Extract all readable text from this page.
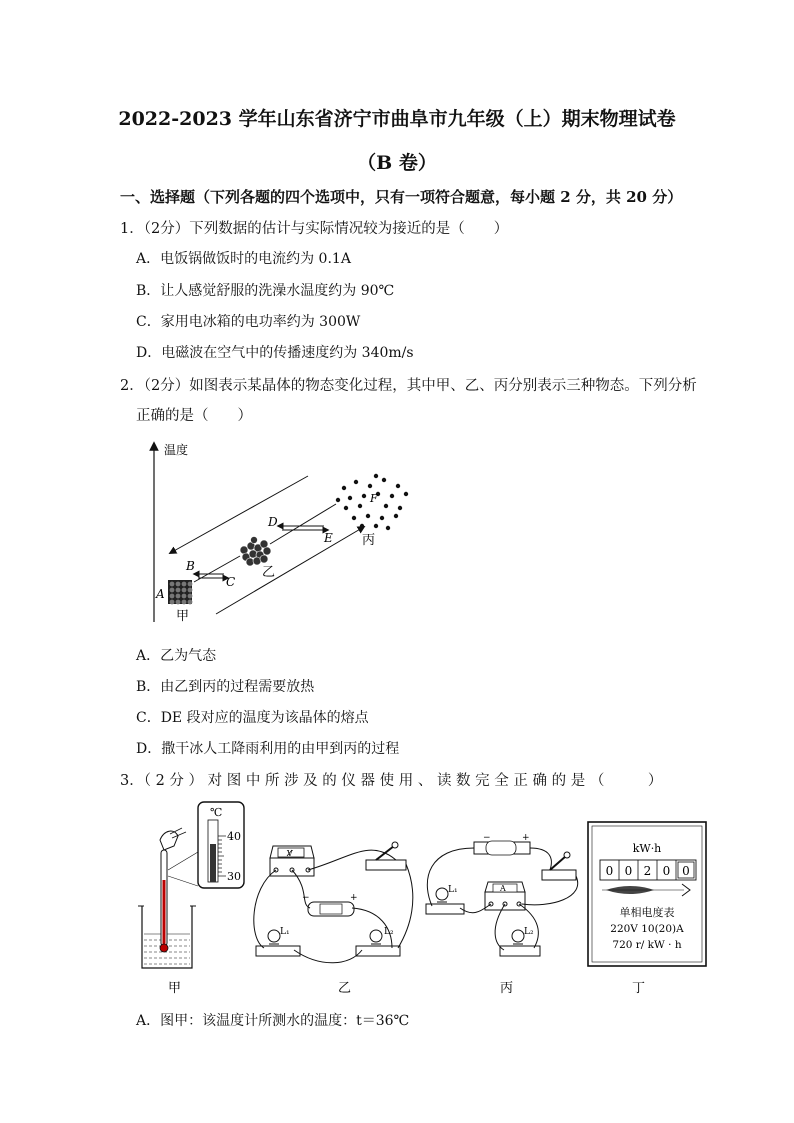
2022-2023 学年山东省济宁市曲阜市九年级（上）期末物理试卷
（B 卷）
一、选择题（下列各题的四个选项中，只有一项符合题意，每小题 2 分，共 20 分）
1．（2分）下列数据的估计与实际情况较为接近的是（　　）
A．电饭锅做饭时的电流约为 0.1A
B．让人感觉舒服的洗澡水温度约为 90℃
C．家用电冰箱的电功率约为 300W
D．电磁波在空气中的传播速度约为 340m/s
2．（2分）如图表示某晶体的物态变化过程，其中甲、乙、丙分别表示三种物态。下列分析
正确的是（　　）
温度
A
B
C
D
E
F
甲
乙
丙
A．乙为气态
B．由乙到丙的过程需要放热
C．DE 段对应的温度为该晶体的熔点
D．撒干冰人工降雨利用的由甲到丙的过程
3．（ 2 分 ） 对 图 中 所 涉 及 的 仪 器 使 用 、 读 数 完 全 正 确 的 是 （　　　）
℃
40
30
V
−	+
L₁	L₂
−	+
L₁	A
L₂
kW·h
0 0 2 0 0
单相电度表
220V 10(20)A
720 r/ kW · h
甲	乙	丙	丁
A．图甲：该温度计所测水的温度：t＝36℃
